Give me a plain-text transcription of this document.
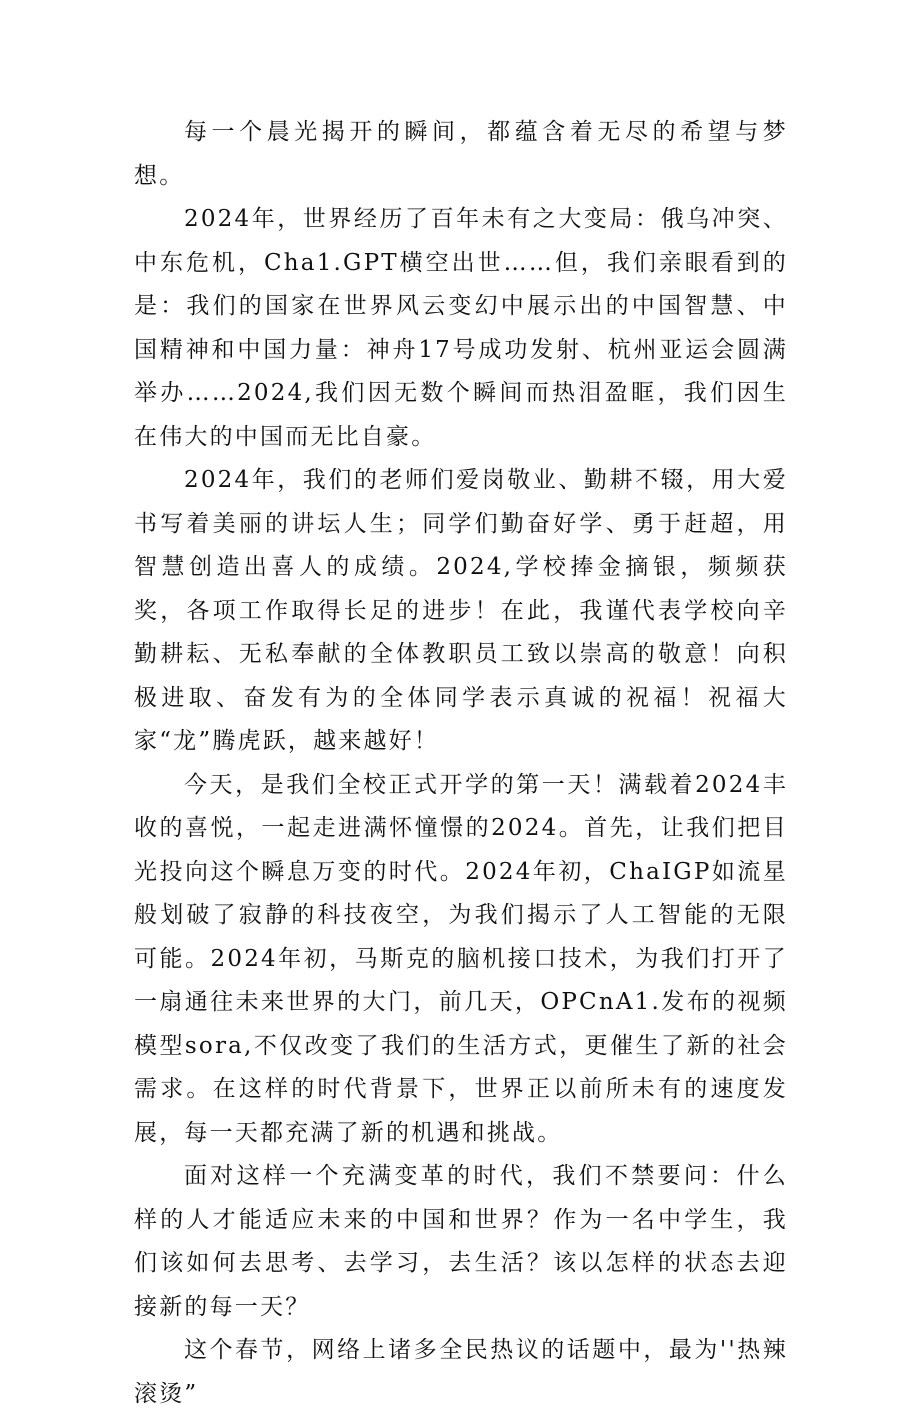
每一个晨光揭开的瞬间，都蕴含着无尽的希望与梦想。

2024年，世界经历了百年未有之大变局：俄乌冲突、中东危机，Cha1.GPT横空出世……但，我们亲眼看到的是：我们的国家在世界风云变幻中展示出的中国智慧、中国精神和中国力量：神舟17号成功发射、杭州亚运会圆满举办……2024,我们因无数个瞬间而热泪盈眶，我们因生在伟大的中国而无比自豪。

2024年，我们的老师们爱岗敬业、勤耕不辍，用大爱书写着美丽的讲坛人生；同学们勤奋好学、勇于赶超，用智慧创造出喜人的成绩。2024,学校捧金摘银，频频获奖，各项工作取得长足的进步！在此，我谨代表学校向辛勤耕耘、无私奉献的全体教职员工致以崇高的敬意！向积极进取、奋发有为的全体同学表示真诚的祝福！祝福大家“龙”腾虎跃，越来越好！

今天，是我们全校正式开学的第一天！满载着2024丰收的喜悦，一起走进满怀憧憬的2024。首先，让我们把目光投向这个瞬息万变的时代。2024年初，ChaIGP如流星般划破了寂静的科技夜空，为我们揭示了人工智能的无限可能。2024年初，马斯克的脑机接口技术，为我们打开了一扇通往未来世界的大门，前几天，OPCnA1.发布的视频模型sora,不仅改变了我们的生活方式，更催生了新的社会需求。在这样的时代背景下，世界正以前所未有的速度发展，每一天都充满了新的机遇和挑战。

面对这样一个充满变革的时代，我们不禁要问：什么样的人才能适应未来的中国和世界？作为一名中学生，我们该如何去思考、去学习，去生活？该以怎样的状态去迎接新的每一天？

这个春节，网络上诸多全民热议的话题中，最为''热辣滚烫”
